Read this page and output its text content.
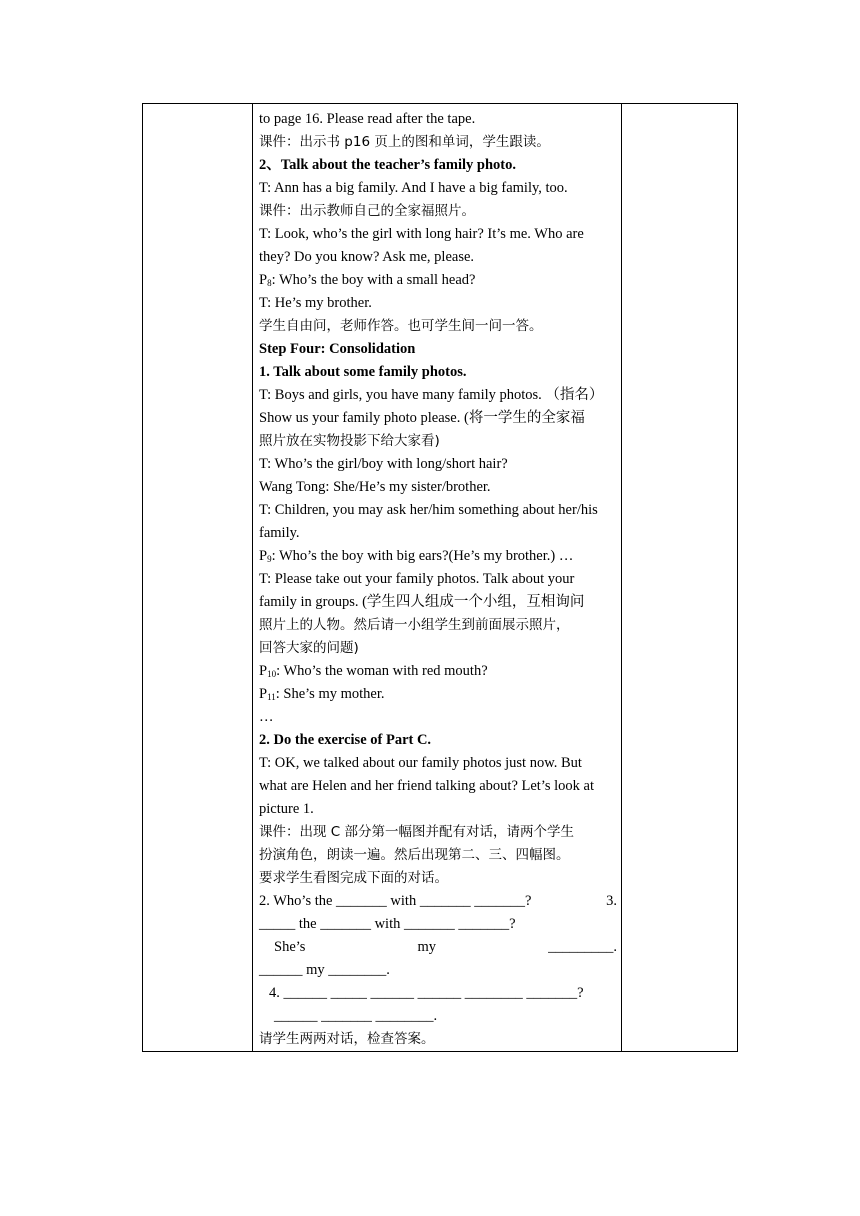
to page 16. Please read after the tape.
课件：出示书 p16 页上的图和单词，学生跟读。
2、Talk about the teacher’s family photo.
T: Ann has a big family. And I have a big family, too.
课件：出示教师自己的全家福照片。
T: Look, who’s the girl with long hair? It’s me. Who are
they? Do you know? Ask me, please.
$P_8$: Who’s the boy with a small head?
T: He’s my brother.
学生自由问，老师作答。也可学生间一问一答。
Step Four: Consolidation
1. Talk about some family photos.
T: Boys and girls, you have many family photos. （指名）
Show us your family photo please. (将一学生的全家福
照片放在实物投影下给大家看)
T: Who’s the girl/boy with long/short hair?
Wang Tong: She/He’s my sister/brother.
T: Children, you may ask her/him something about her/his
family.
$P_9$: Who’s the boy with big ears?(He’s my brother.) …
T: Please take out your family photos. Talk about your
family in groups. (学生四人组成一个小组，互相询问
照片上的人物。然后请一小组学生到前面展示照片，
回答大家的问题)
$P_{10}$: Who’s the woman with red mouth?
$P_{11}$: She’s my mother.
…
2. Do the exercise of Part C.
T: OK, we talked about our family photos just now. But
what are Helen and her friend talking about? Let’s look at
picture 1.
课件：出现 C 部分第一幅图并配有对话，请两个学生
扮演角色，朗读一遍。然后出现第二、三、四幅图。
要求学生看图完成下面的对话。
2. Who’s the _______ with _______ _______?	3.
_____ the _______ with _______ _______?
She’s	my	_________.
______ my ________.
4. ______ _____ ______ ______ ________ _______?
______ _______ ________.
请学生两两对话，检查答案。
